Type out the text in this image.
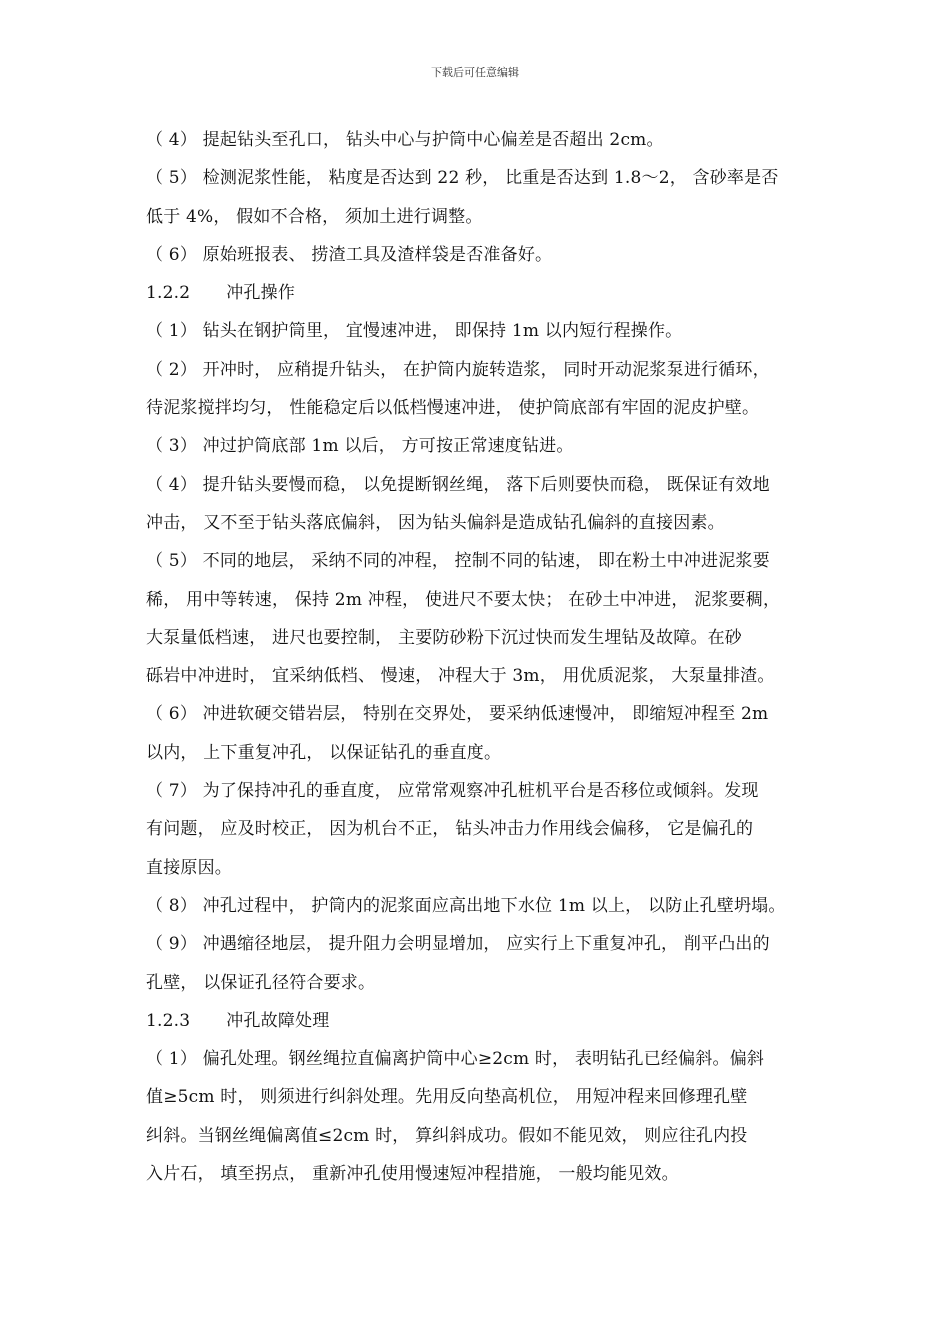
下载后可任意编辑
（ 4） 提起钻头至孔口， 钻头中心与护筒中心偏差是否超出 2cm。
（ 5） 检测泥浆性能， 粘度是否达到 22 秒， 比重是否达到 1.8～2， 含砂率是否
低于 4%， 假如不合格， 须加土进行调整。
（ 6） 原始班报表、 捞渣工具及渣样袋是否准备好。
1.2.2 冲孔操作
（ 1） 钻头在钢护筒里， 宜慢速冲进， 即保持 1m 以内短行程操作。
（ 2） 开冲时， 应稍提升钻头， 在护筒内旋转造浆， 同时开动泥浆泵进行循环，
待泥浆搅拌均匀， 性能稳定后以低档慢速冲进， 使护筒底部有牢固的泥皮护壁。
（ 3） 冲过护筒底部 1m 以后， 方可按正常速度钻进。
（ 4） 提升钻头要慢而稳， 以免提断钢丝绳， 落下后则要快而稳， 既保证有效地
冲击， 又不至于钻头落底偏斜， 因为钻头偏斜是造成钻孔偏斜的直接因素。
（ 5） 不同的地层， 采纳不同的冲程， 控制不同的钻速， 即在粉土中冲进泥浆要
稀， 用中等转速， 保持 2m 冲程， 使进尺不要太快； 在砂土中冲进， 泥浆要稠，
大泵量低档速， 进尺也要控制， 主要防砂粉下沉过快而发生埋钻及故障。在砂
砾岩中冲进时， 宜采纳低档、 慢速， 冲程大于 3m， 用优质泥浆， 大泵量排渣。
（ 6） 冲进软硬交错岩层， 特别在交界处， 要采纳低速慢冲， 即缩短冲程至 2m
以内， 上下重复冲孔， 以保证钻孔的垂直度。
（ 7） 为了保持冲孔的垂直度， 应常常观察冲孔桩机平台是否移位或倾斜。发现
有问题， 应及时校正， 因为机台不正， 钻头冲击力作用线会偏移， 它是偏孔的
直接原因。
（ 8） 冲孔过程中， 护筒内的泥浆面应高出地下水位 1m 以上， 以防止孔壁坍塌。
（ 9） 冲遇缩径地层， 提升阻力会明显增加， 应实行上下重复冲孔， 削平凸出的
孔壁， 以保证孔径符合要求。
1.2.3 冲孔故障处理
（ 1） 偏孔处理。钢丝绳拉直偏离护筒中心≥2cm 时， 表明钻孔已经偏斜。偏斜
值≥5cm 时， 则须进行纠斜处理。先用反向垫高机位， 用短冲程来回修理孔壁
纠斜。当钢丝绳偏离值≤2cm 时， 算纠斜成功。假如不能见效， 则应往孔内投
入片石， 填至拐点， 重新冲孔使用慢速短冲程措施， 一般均能见效。
